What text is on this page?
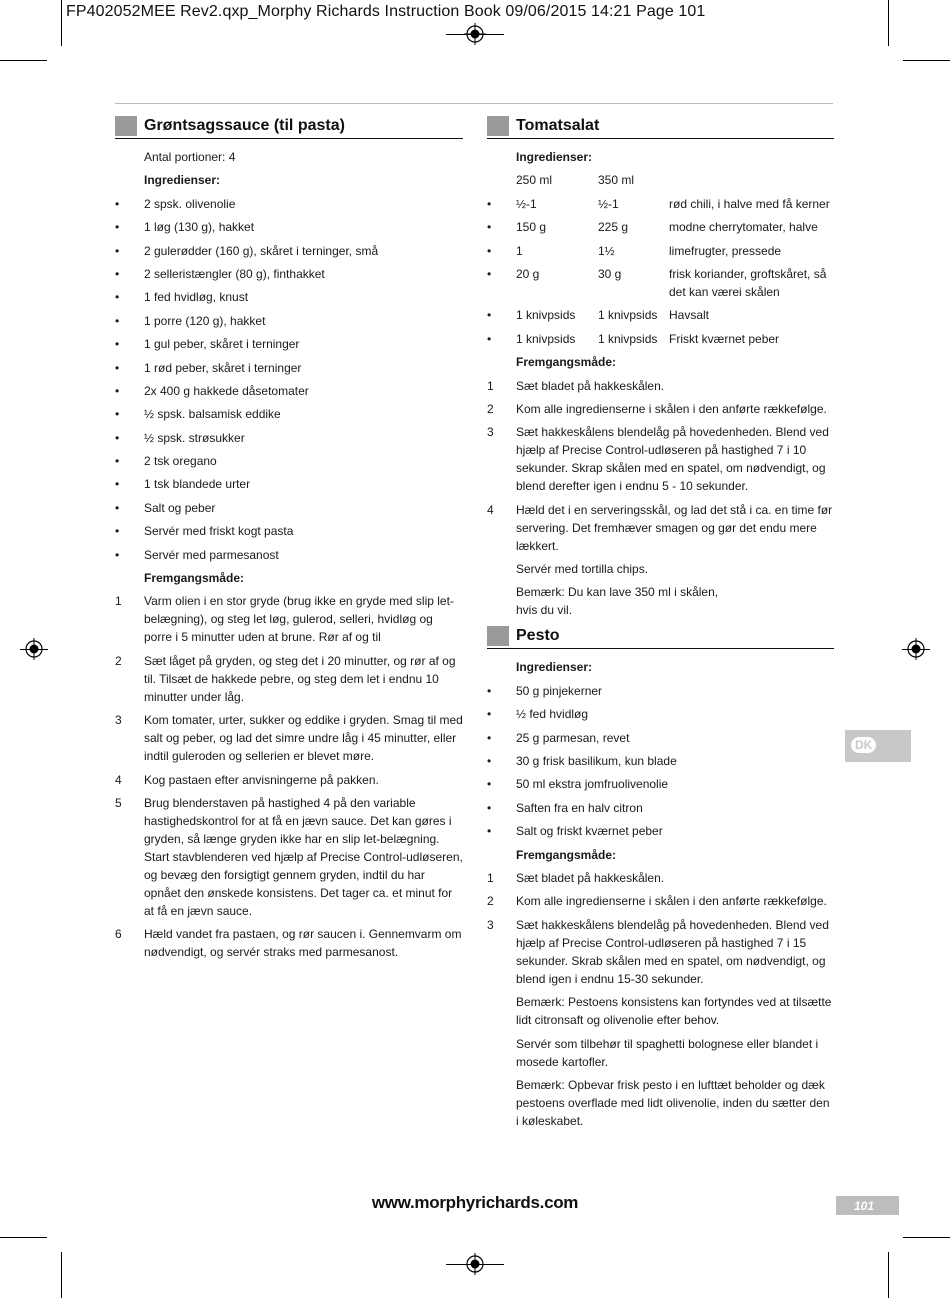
FP402052MEE Rev2.qxp_Morphy Richards Instruction Book 09/06/2015 14:21 Page 101
Grøntsagssauce (til pasta)
Antal portioner: 4
Ingredienser:
• 2 spsk. olivenolie
• 1 løg (130 g), hakket
• 2 gulerødder (160 g), skåret i terninger, små
• 2 selleristængler (80 g), finthakket
• 1 fed hvidløg, knust
• 1 porre (120 g), hakket
• 1 gul peber, skåret i terninger
• 1 rød peber, skåret i terninger
• 2x 400 g hakkede dåsetomater
• ½ spsk. balsamisk eddike
• ½ spsk. strøsukker
• 2 tsk oregano
• 1 tsk blandede urter
• Salt og peber
• Servér med friskt kogt pasta
• Servér med parmesanost
Fremgangsmåde:
1 Varm olien i en stor gryde (brug ikke en gryde med slip let-belægning), og steg let løg, gulerod, selleri, hvidløg og porre i 5 minutter uden at brune. Rør af og til
2 Sæt låget på gryden, og steg det i 20 minutter, og rør af og til. Tilsæt de hakkede pebre, og steg dem let i endnu 10 minutter under låg.
3 Kom tomater, urter, sukker og eddike i gryden. Smag til med salt og peber, og lad det simre undre låg i 45 minutter, eller indtil guleroden og sellerien er blevet møre.
4 Kog pastaen efter anvisningerne på pakken.
5 Brug blenderstaven på hastighed 4 på den variable hastighedskontrol for at få en jævn sauce. Det kan gøres i gryden, så længe gryden ikke har en slip let-belægning. Start stavblenderen ved hjælp af Precise Control-udløseren, og bevæg den forsigtigt gennem gryden, indtil du har opnået den ønskede konsistens. Det tager ca. et minut for at få en jævn sauce.
6 Hæld vandet fra pastaen, og rør saucen i. Gennemvarm om nødvendigt, og servér straks med parmesanost.
Tomatsalat
Ingredienser:
250 ml	350 ml
• ½-1	½-1	rød chili, i halve med få kerner
• 150 g	225 g	modne cherrytomater, halve
• 1	1½	limefrugter, pressede
• 20 g	30 g	frisk koriander, groftskåret, så det kan værei skålen
• 1 knivpsids 1 knivpsids Havsalt
• 1 knivpsids 1 knivpsids Friskt kværnet peber
Fremgangsmåde:
1 Sæt bladet på hakkeskålen.
2 Kom alle ingredienserne i skålen i den anførte rækkefølge.
3 Sæt hakkeskålens blendelåg på hovedenheden. Blend ved hjælp af Precise Control-udløseren på hastighed 7 i 10 sekunder. Skrap skålen med en spatel, om nødvendigt, og blend derefter igen i endnu 5 - 10 sekunder.
4 Hæld det i en serveringsskål, og lad det stå i ca. en time før servering. Det fremhæver smagen og gør det endu mere lækkert.
Servér med tortilla chips.
Bemærk: Du kan lave 350 ml i skålen,
hvis du vil.
Pesto
Ingredienser:
• 50 g pinjekerner
• ½ fed hvidløg
• 25 g parmesan, revet
• 30 g frisk basilikum, kun blade
• 50 ml ekstra jomfruolivenolie
• Saften fra en halv citron
• Salt og friskt kværnet peber
Fremgangsmåde:
1 Sæt bladet på hakkeskålen.
2 Kom alle ingredienserne i skålen i den anførte rækkefølge.
3 Sæt hakkeskålens blendelåg på hovedenheden. Blend ved hjælp af Precise Control-udløseren på hastighed 7 i 15 sekunder. Skrab skålen med en spatel, om nødvendigt, og blend igen i endnu 15-30 sekunder.
Bemærk: Pestoens konsistens kan fortyndes ved at tilsætte lidt citronsaft og olivenolie efter behov.
Servér som tilbehør til spaghetti bolognese eller blandet i mosede kartofler.
Bemærk: Opbevar frisk pesto i en lufttæt beholder og dæk pestoens overflade med lidt olivenolie, inden du sætter den i køleskabet.
DK
www.morphyrichards.com	101
